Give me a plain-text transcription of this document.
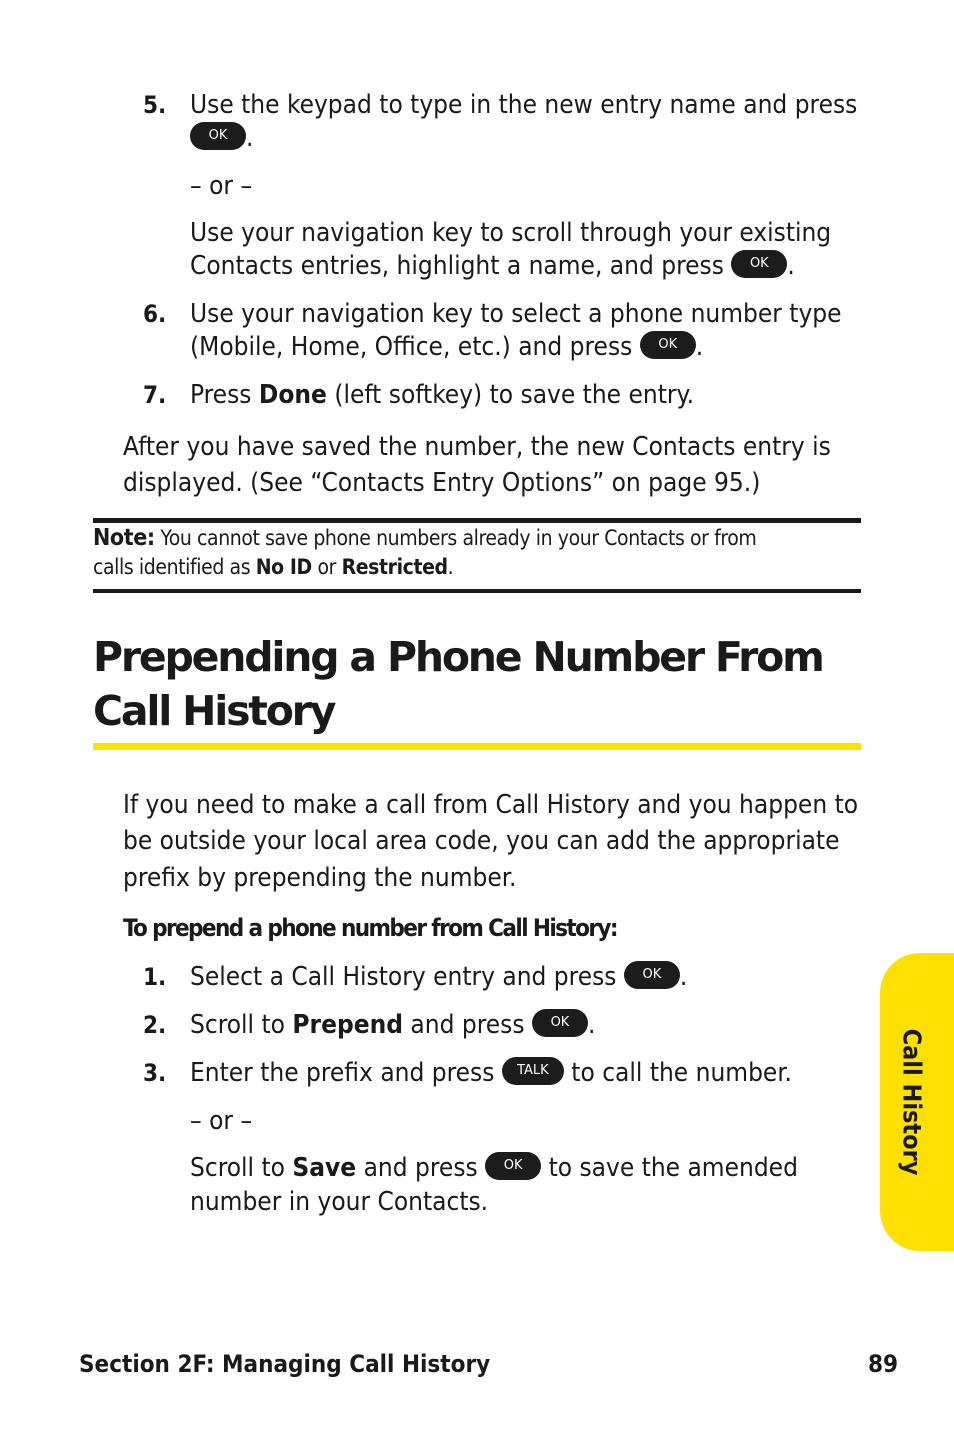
5. Use the keypad to type in the new entry name and press
OK .
– or –
Use your navigation key to scroll through your existing
Contacts entries, highlight a name, and press OK .
6. Use your navigation key to select a phone number type
(Mobile, Home, Office, etc.) and press OK .
7. Press Done (left softkey) to save the entry.
After you have saved the number, the new Contacts entry is
displayed. (See “Contacts Entry Options” on page 95.)
Note: You cannot save phone numbers already in your Contacts or from
calls identified as No ID or Restricted.
Prepending a Phone Number From
Call History
If you need to make a call from Call History and you happen to
be outside your local area code, you can add the appropriate
prefix by prepending the number.
To prepend a phone number from Call History:
1. Select a Call History entry and press OK .
2. Scroll to Prepend and press OK .
3. Enter the prefix and press TALK to call the number.
– or –
Scroll to Save and press OK to save the amended
number in your Contacts.
Call History
Section 2F: Managing Call History	89
